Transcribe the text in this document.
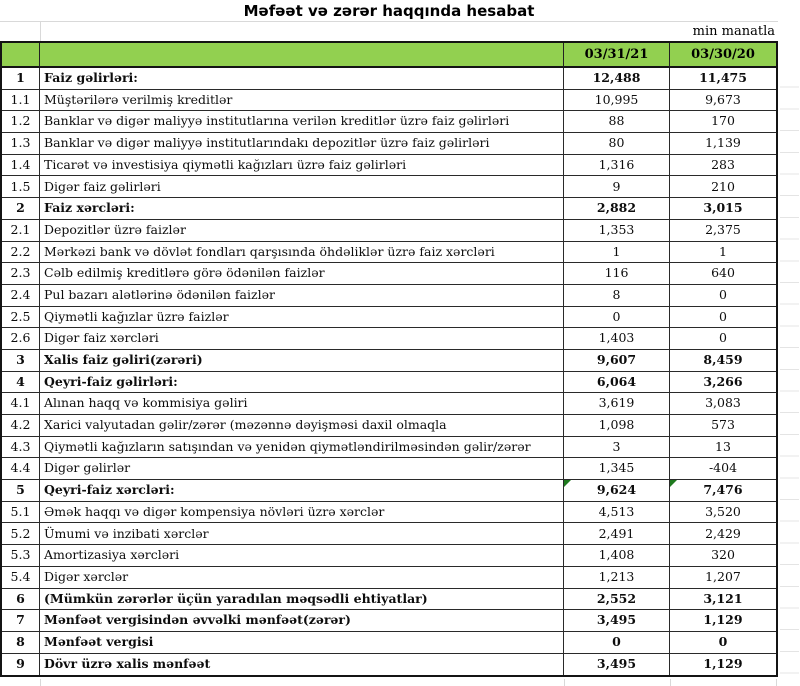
Məfəət və zərər haqqında hesabat
min manatla
03/31/21	03/30/20
1	Faiz gəlirləri:	12,488	11,475
1.1	Müştərilərə verilmiş kreditlər	10,995	9,673
1.2	Banklar və digər maliyyə institutlarına verilən kreditlər üzrə faiz gəlirləri	88	170
1.3	Banklar və digər maliyyə institutlarındakı depozitlər üzrə faiz gəlirləri	80	1,139
1.4	Ticarət və investisiya qiymətli kağızları üzrə faiz gəlirləri	1,316	283
1.5	Digər faiz gəlirləri	9	210
2	Faiz xərcləri:	2,882	3,015
2.1	Depozitlər üzrə faizlər	1,353	2,375
2.2	Mərkəzi bank və dövlət fondları qarşısında öhdəliklər üzrə faiz xərcləri	1	1
2.3	Cəlb edilmiş kreditlərə görə ödənilən faizlər	116	640
2.4	Pul bazarı alətlərinə ödənilən faizlər	8	0
2.5	Qiymətli kağızlar üzrə faizlər	0	0
2.6	Digər faiz xərcləri	1,403	0
3	Xalis faiz gəliri(zərəri)	9,607	8,459
4	Qeyri-faiz gəlirləri:	6,064	3,266
4.1	Alınan haqq və kommisiya gəliri	3,619	3,083
4.2	Xarici valyutadan gəlir/zərər (məzənnə dəyişməsi daxil olmaqla	1,098	573
4.3	Qiymətli kağızların satışından və yenidən qiymətləndirilməsindən gəlir/zərər	3	13
4.4	Digər gəlirlər	1,345	-404
5	Qeyri-faiz xərcləri:	9,624	7,476
5.1	Əmək haqqı və digər kompensiya növləri üzrə xərclər	4,513	3,520
5.2	Ümumi və inzibati xərclər	2,491	2,429
5.3	Amortizasiya xərcləri	1,408	320
5.4	Digər xərclər	1,213	1,207
6	(Mümkün zərərlər üçün yaradılan məqsədli ehtiyatlar)	2,552	3,121
7	Mənfəət vergisindən əvvəlki mənfəət(zərər)	3,495	1,129
8	Mənfəət vergisi	0	0
9	Dövr üzrə xalis mənfəət	3,495	1,129
